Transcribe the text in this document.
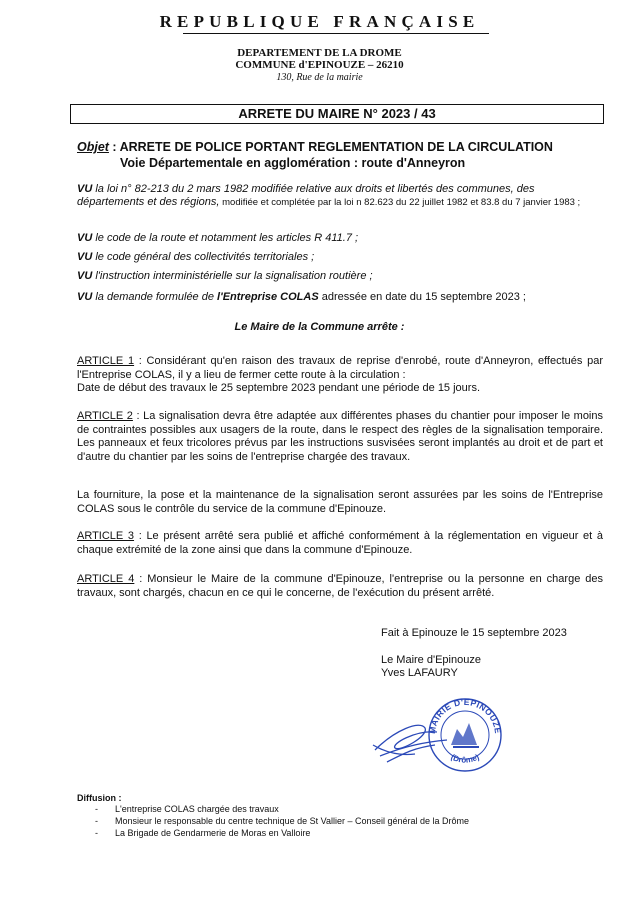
REPUBLIQUE FRANÇAISE
DEPARTEMENT DE LA DROME
COMMUNE d'EPINOUZE – 26210
130, Rue de la mairie
ARRETE DU MAIRE N° 2023 / 43
Objet : ARRETE DE POLICE PORTANT REGLEMENTATION DE LA CIRCULATION
Voie Départementale en agglomération : route d'Anneyron
VU la loi n° 82-213 du 2 mars 1982 modifiée relative aux droits et libertés des communes, des départements et des régions, modifiée et complétée par la loi n 82.623 du 22 juillet 1982 et 83.8 du 7 janvier 1983 ;
VU le code de la route et notamment les articles R 411.7 ;
VU le code général des collectivités territoriales ;
VU l'instruction interministérielle sur la signalisation routière ;
VU la demande formulée de l'Entreprise COLAS adressée en date du 15 septembre 2023 ;
Le Maire de la Commune arrête :
ARTICLE 1 : Considérant qu'en raison des travaux de reprise d'enrobé, route d'Anneyron, effectués par l'Entreprise COLAS, il y a lieu de fermer cette route à la circulation :
Date de début des travaux le 25 septembre 2023 pendant une période de 15 jours.
ARTICLE 2 : La signalisation devra être adaptée aux différentes phases du chantier pour imposer le moins de contraintes possibles aux usagers de la route, dans le respect des règles de la signalisation temporaire. Les panneaux et feux tricolores prévus par les instructions susvisées seront implantés au droit et de part et d'autre du chantier par les soins de l'entreprise chargée des travaux.
La fourniture, la pose et la maintenance de la signalisation seront assurées par les soins de l'Entreprise COLAS sous le contrôle du service de la commune d'Epinouze.
ARTICLE 3 : Le présent arrêté sera publié et affiché conformément à la réglementation en vigueur et à chaque extrémité de la zone ainsi que dans la commune d'Epinouze.
ARTICLE 4 : Monsieur le Maire de la commune d'Epinouze, l'entreprise ou la personne en charge des travaux, sont chargés, chacun en ce qui le concerne, de l'exécution du présent arrêté.
Fait à Epinouze le 15 septembre 2023
Le Maire d'Epinouze
Yves LAFAURY
MAIRIE D'EPINOUZE
(Drôme)
Diffusion :
- L'entreprise COLAS chargée des travaux
- Monsieur le responsable du centre technique de St Vallier – Conseil général de la Drôme
- La Brigade de Gendarmerie de Moras en Valloire
